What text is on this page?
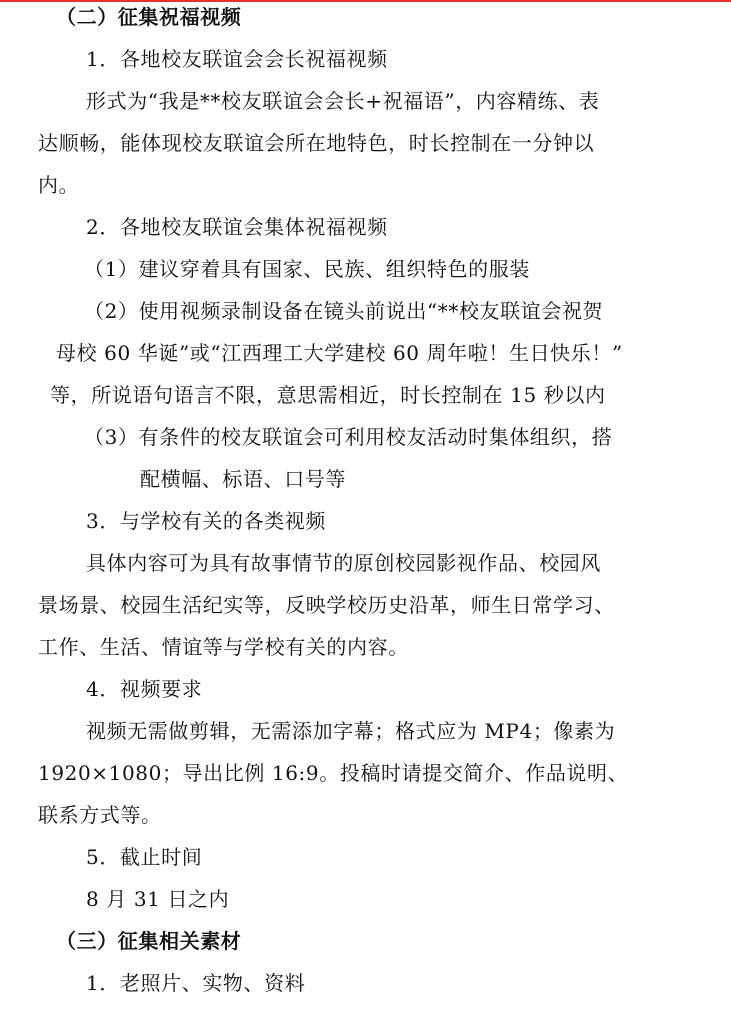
（二）征集祝福视频
1．各地校友联谊会会长祝福视频
形式为“我是**校友联谊会会长+祝福语”，内容精练、表
达顺畅，能体现校友联谊会所在地特色，时长控制在一分钟以
内。
2．各地校友联谊会集体祝福视频
（1）建议穿着具有国家、民族、组织特色的服装
（2）使用视频录制设备在镜头前说出“**校友联谊会祝贺
母校 60 华诞”或“江西理工大学建校 60 周年啦！生日快乐！”
等，所说语句语言不限，意思需相近，时长控制在 15 秒以内
（3）有条件的校友联谊会可利用校友活动时集体组织，搭
配横幅、标语、口号等
3．与学校有关的各类视频
具体内容可为具有故事情节的原创校园影视作品、校园风
景场景、校园生活纪实等，反映学校历史沿革，师生日常学习、
工作、生活、情谊等与学校有关的内容。
4．视频要求
视频无需做剪辑，无需添加字幕；格式应为 MP4；像素为
1920×1080；导出比例 16:9。投稿时请提交简介、作品说明、
联系方式等。
5．截止时间
8 月 31 日之内
（三）征集相关素材
1．老照片、实物、资料
